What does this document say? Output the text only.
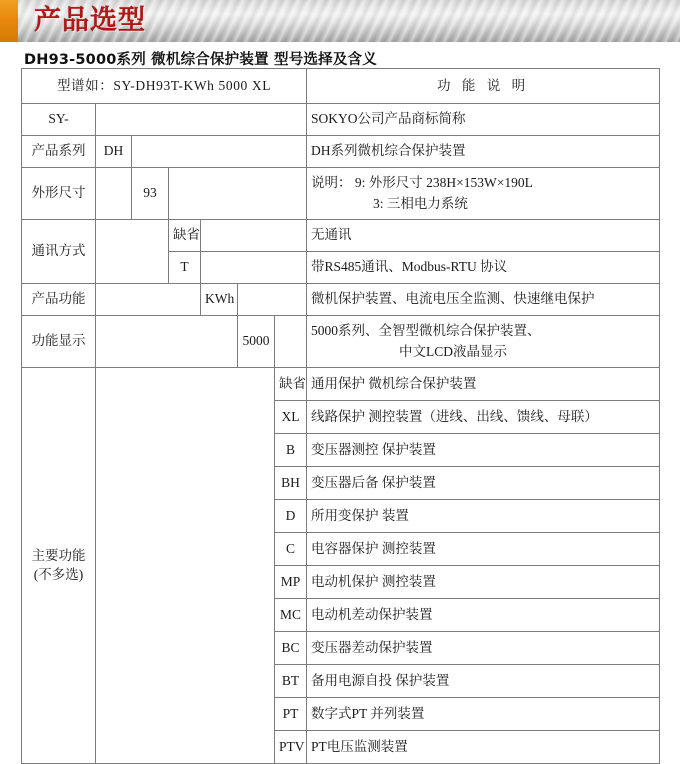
产品选型
DH93-5000系列 微机综合保护装置 型号选择及含义
型谱如：SY-DH93T-KWh 5000 XL							功 能 说 明
SY-							SOKYO公司产品商标简称
产品系列	DH						DH系列微机综合保护装置
外形尺寸		93					说明： 9: 外形尺寸 238H×153W×190L
3: 三相电力系统

通讯方式			缺省				无通讯
			T				带RS485通讯、Modbus-RTU 协议
产品功能				KWh			微机保护装置、电流电压全监测、快速继电保护
功能显示					5000		5000系列、全智型微机综合保护装置、
中文LCD液晶显示

主要功能
(不多选)						缺省	通用保护 微机综合保护装置
						XL	线路保护 测控装置（进线、出线、馈线、母联）
						B	变压器测控 保护装置
						BH	变压器后备 保护装置
						D	所用变保护 装置
						C	电容器保护 测控装置
						MP	电动机保护 测控装置
						MC	电动机差动保护装置
						BC	变压器差动保护装置
						BT	备用电源自投 保护装置
						PT	数字式PT 并列装置
						PTV	PT电压监测装置
